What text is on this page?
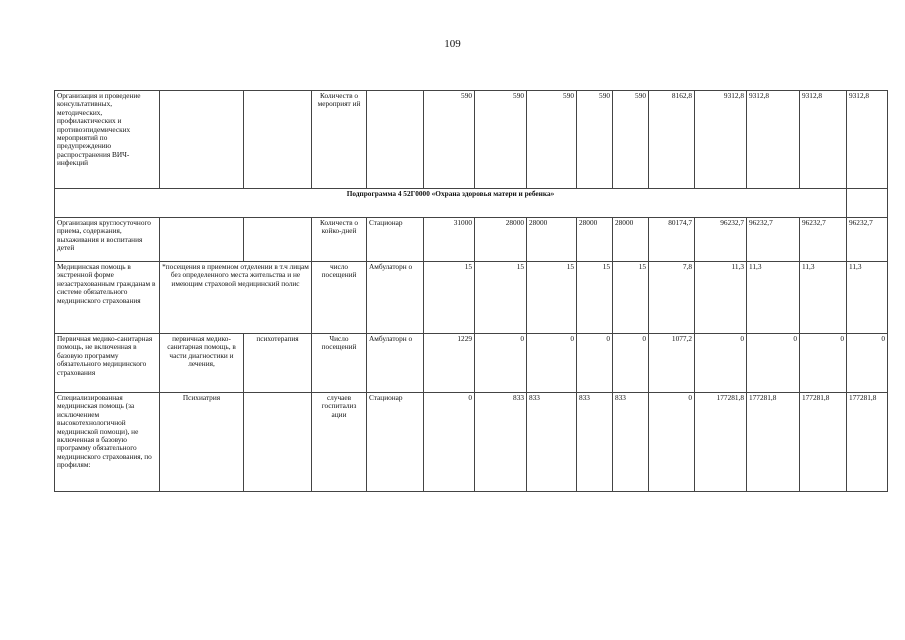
109
Организация и проведение консультативных, методических, профилактических и противоэпидемических мероприятий по предупреждению распространения ВИЧ-инфекций			Количеств о мероприят ий		590	590	590	590	590	8162,8	9312,8	9312,8	9312,8	9312,8
Подпрограмма 4 52Г0000 «Охрана здоровья матери и ребенка»														
Организация круглосуточного приема, содержания, выхаживания и воспитания детей			Количеств о койко-дней	Стационар	31000	28000	28000	28000	28000	80174,7	96232,7	96232,7	96232,7	96232,7
Медицинская помощь в экстренной форме незастрахованным гражданам в системе обязательного медицинского страхования	*посещения в приемном отделении в т.ч лицам без определенного места жительства и не имеющим страховой медицинский полис		число посещений	Амбулаторн о	15	15	15	15	15	7,8	11,3	11,3	11,3	11,3
Первичная медико-санитарная помощь, не включенная в базовую программу обязательного медицинского страхования	первичная медико-санитарная помощь, в части диагностики и лечения,	психотерапия	Число посещений	Амбулаторн о	1229	0	0	0	0	1077,2	0	0	0	0
Специализированная медицинская помощь (за исключением высокотехнологичной медицинской помощи), не включенная в базовую программу обязательного медицинского страхования, по профилям:	Психиатрия		случаев госпитализ ации	Стационар	0	833	833	833	833	0	177281,8	177281,8	177281,8	177281,8
